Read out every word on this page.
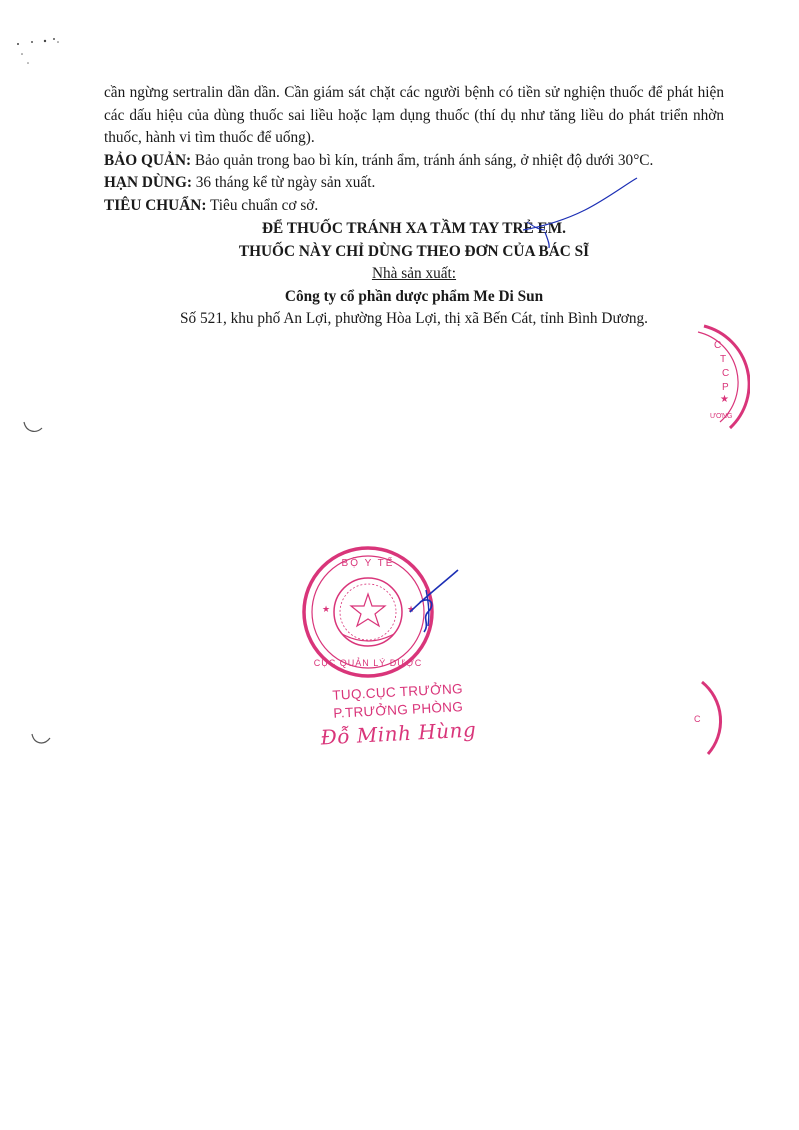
cần ngừng sertralin dần dần. Cần giám sát chặt các người bệnh có tiền sử nghiện thuốc để phát hiện các dấu hiệu của dùng thuốc sai liều hoặc lạm dụng thuốc (thí dụ như tăng liều do phát triển nhờn thuốc, hành vi tìm thuốc để uống).

BẢO QUẢN: Bảo quản trong bao bì kín, tránh ẩm, tránh ánh sáng, ở nhiệt độ dưới 30°C.

HẠN DÙNG: 36 tháng kể từ ngày sản xuất.

TIÊU CHUẨN: Tiêu chuẩn cơ sở.

ĐỂ THUỐC TRÁNH XA TẦM TAY TRẺ EM.

THUỐC NÀY CHỈ DÙNG THEO ĐƠN CỦA BÁC SĨ

Nhà sản xuất:

Công ty cổ phần dược phẩm Me Di Sun

Số 521, khu phố An Lợi, phường Hòa Lợi, thị xã Bến Cát, tỉnh Bình Dương.

C
T
C
P
★
ƯƠNG
C
★	★
BỘ Y TẾ
CỤC QUẢN LÝ DƯỢC

TUQ.CỤC TRƯỞNG

P.TRƯỞNG PHÒNG

Đỗ Minh Hùng
